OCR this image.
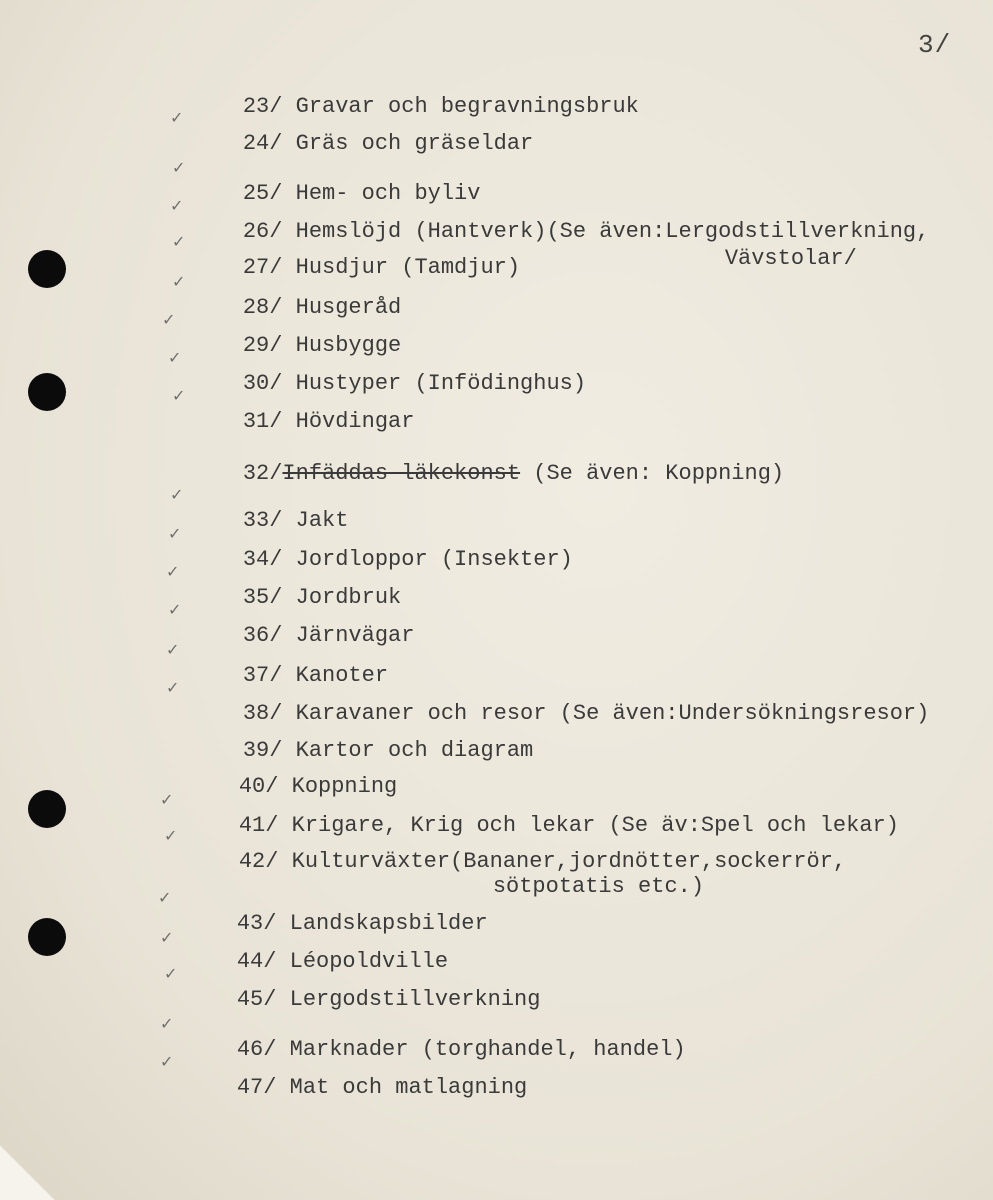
3/

23/ Gravar och begravningsbruk

✓

24/ Gräs och gräseldar

✓

25/ Hem- och byliv

✓

26/ Hemslöjd (Hantverk)(Se även:Lergodstillverkning,

Vävstolar/

✓

27/ Husdjur (Tamdjur)

✓

28/ Husgeråd

✓

29/ Husbygge

✓

30/ Hustyper (Infödinghus)

✓

31/ Hövdingar

32/Infäddas läkekonst (Se även: Koppning)

✓

33/ Jakt

✓

34/ Jordloppor (Insekter)

✓

35/ Jordbruk

✓

36/ Järnvägar

✓

37/ Kanoter

✓

38/ Karavaner och resor (Se även:Undersökningsresor)

39/ Kartor och diagram

40/ Koppning

✓

41/ Krigare, Krig och lekar (Se äv:Spel och lekar)

✓

42/ Kulturväxter(Bananer,jordnötter,sockerrör,

sötpotatis etc.)

✓

43/ Landskapsbilder

✓

44/ Léopoldville

✓

45/ Lergodstillverkning

✓

46/ Marknader (torghandel, handel)

✓

47/ Mat och matlagning
